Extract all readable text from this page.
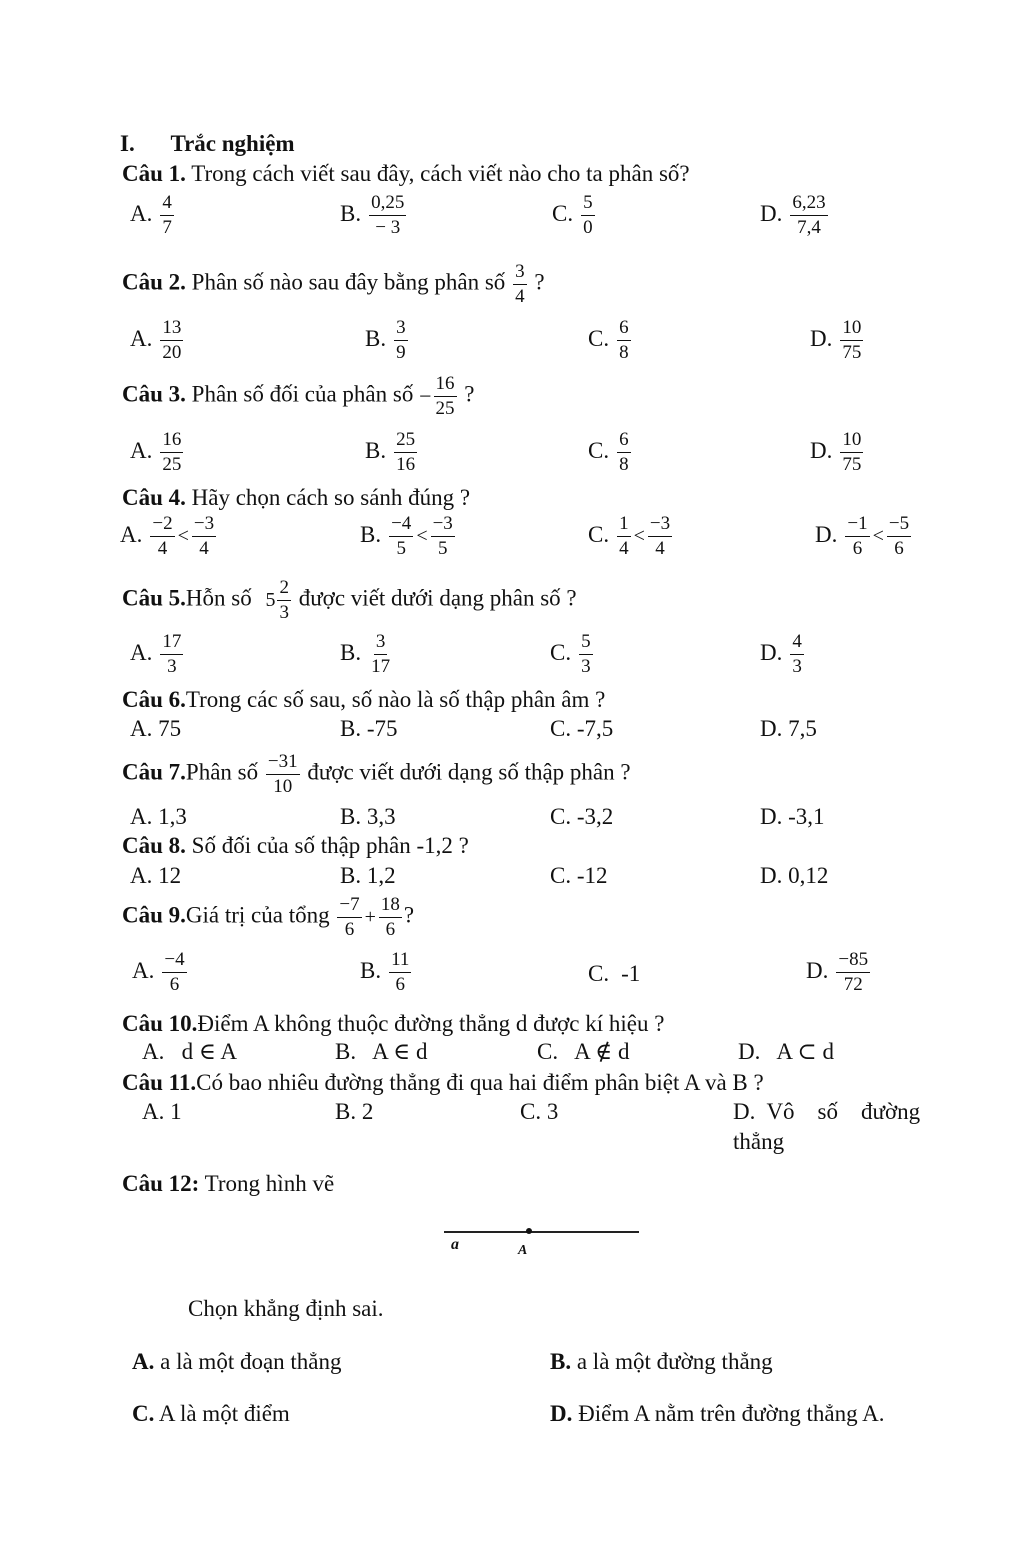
I. Trắc nghiệm
Câu 1. Trong cách viết sau đây, cách viết nào cho ta phân số?
A. $\frac{4}{7}$	B. $\frac{0,25}{- 3}$	C. $\frac{5}{0}$	D. $\frac{6,23}{7,4}$
Câu 2. Phân số nào sau đây bằng phân số $\frac{3}{4}$ ?
A. $\frac{13}{20}$	B. $\frac{3}{9}$	C. $\frac{6}{8}$	D. $\frac{10}{75}$
Câu 3. Phân số đối của phân số − $\frac{16}{25}$ ?
A. $\frac{16}{25}$	B. $\frac{25}{16}$	C. $\frac{6}{8}$	D. $\frac{10}{75}$
Câu 4. Hãy chọn cách so sánh đúng ?
A. $\frac{-2}{4} < \frac{-3}{4}$	B. $\frac{-4}{5} < \frac{-3}{5}$	C. $\frac{1}{4} < \frac{-3}{4}$	D. $\frac{-1}{6} < \frac{-5}{6}$
Câu 5.Hỗn số $5 \frac{2}{3}$ được viết dưới dạng phân số ?
A. $\frac{17}{3}$	B. $\frac{3}{17}$	C. $\frac{5}{3}$	D. $\frac{4}{3}$
Câu 6.Trong các số sau, số nào là số thập phân âm ?
A. 75	B. -75	C. -7,5	D. 7,5
Câu 7.Phân số $\frac{-31}{10}$ được viết dưới dạng số thập phân ?
A. 1,3	B. 3,3	C. -3,2	D. -3,1
Câu 8. Số đối của số thập phân -1,2 ?
A. 12	B. 1,2	C. -12	D. 0,12
Câu 9.Giá trị của tổng $\frac{-7}{6} + \frac{18}{6}$ ?
A. $\frac{-4}{6}$	B. $\frac{11}{6}$	C. -1	D. $\frac{-85}{72}$
Câu 10.Điểm A không thuộc đường thẳng d được kí hiệu ?
A.   d ∈ A	B.   A ∈ d	C.   A ∉ d	D.   A ⊂ d
Câu 11.Có bao nhiêu đường thẳng đi qua hai điểm phân biệt A và B ?
A. 1	B. 2	C. 3	D.  Vô    số    đường
thẳng
Câu 12: Trong hình vẽ
a	A
Chọn khẳng định sai.
A. a là một đoạn thẳng	B. a là một đường thẳng
C. A là một điểm	D. Điểm A nằm trên đường thẳng A.
